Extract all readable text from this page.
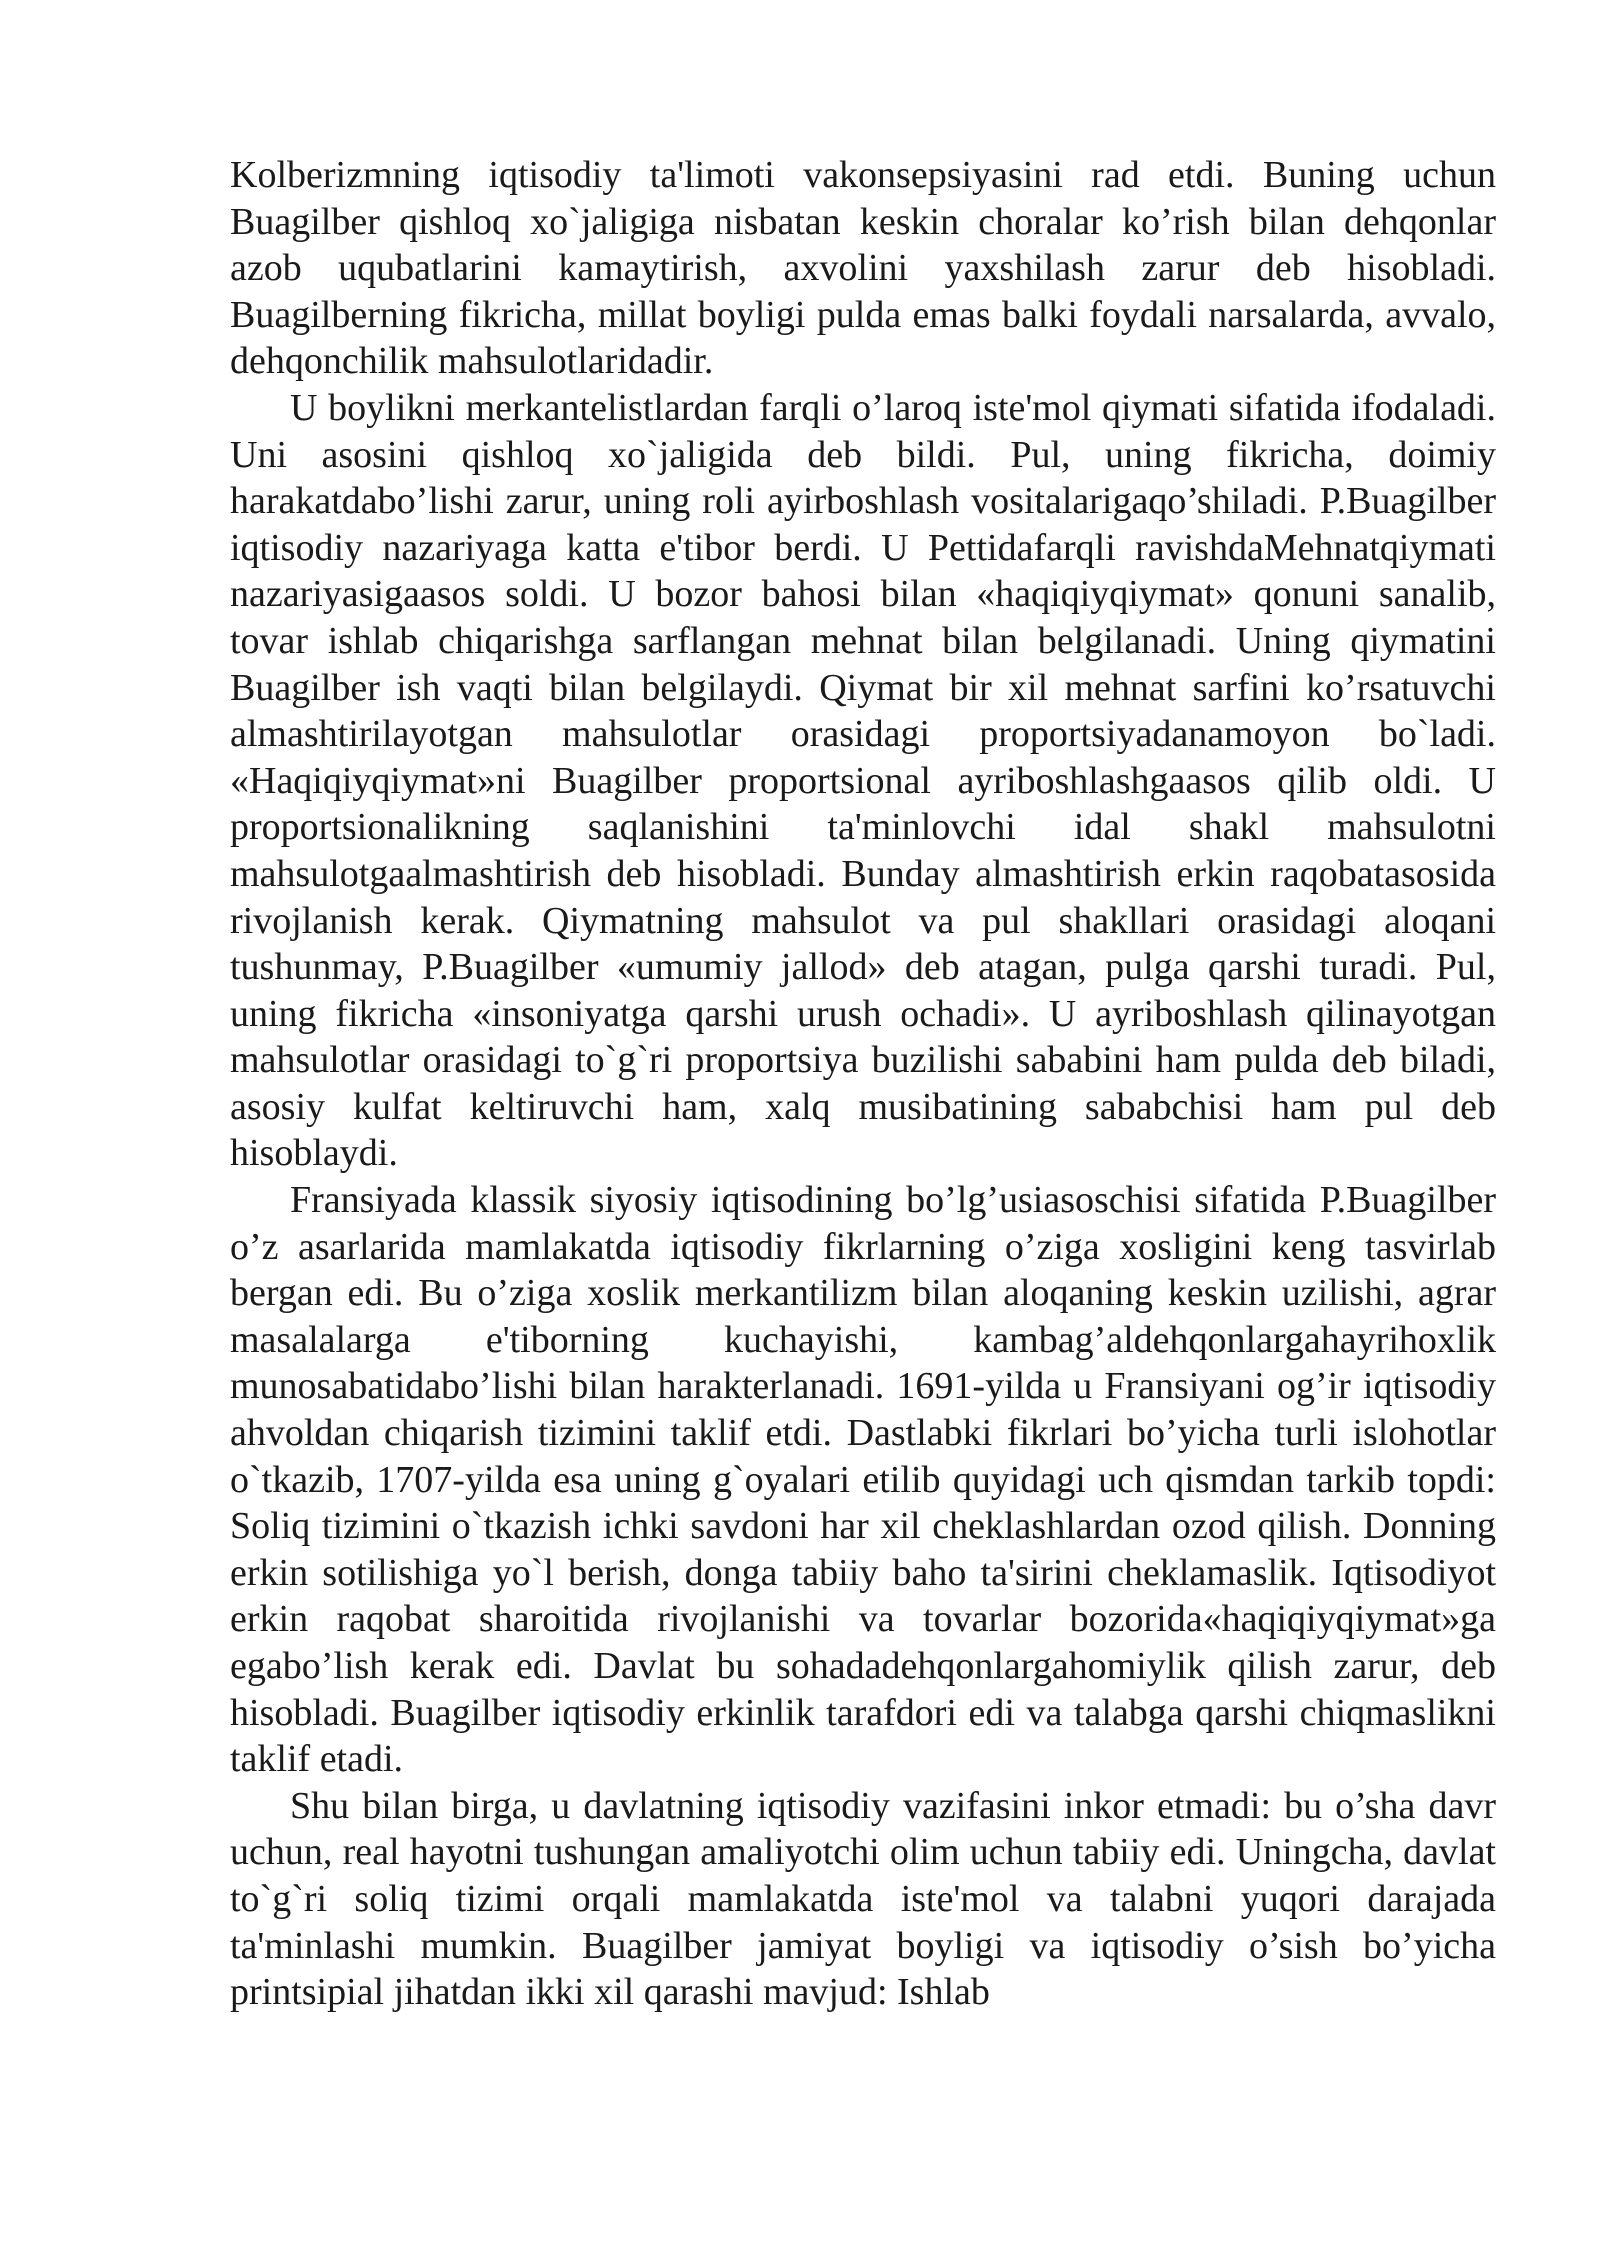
Kolberizmning iqtisodiy ta'limoti vakonsepsiyasini rad etdi. Buning uchun Buagilber qishloq xo`jaligiga nisbatan keskin choralar ko’rish bilan dehqonlar azob uqubatlarini kamaytirish, axvolini yaxshilash zarur deb hisobladi. Buagilberning fikricha, millat boyligi pulda emas balki foydali narsalarda, avvalo, dehqonchilik mahsulotlaridadir.

U boylikni merkantelistlardan farqli o’laroq iste'mol qiymati sifatida ifodaladi. Uni asosini qishloq xo`jaligida deb bildi. Pul, uning fikricha, doimiy harakatdabo’lishi zarur, uning roli ayirboshlash vositalarigaqo’shiladi. P.Buagilber iqtisodiy nazariyaga katta e'tibor berdi. U Pettidafarqli ravishdaMehnatqiymati nazariyasigaasos soldi. U bozor bahosi bilan «haqiqiyqiymat» qonuni sanalib, tovar ishlab chiqarishga sarflangan mehnat bilan belgilanadi. Uning qiymatini Buagilber ish vaqti bilan belgilaydi. Qiymat bir xil mehnat sarfini ko’rsatuvchi almashtirilayotgan mahsulotlar orasidagi proportsiyadanamoyon bo`ladi. «Haqiqiyqiymat»ni Buagilber proportsional ayriboshlashgaasos qilib oldi. U proportsionalikning saqlanishini ta'minlovchi idal shakl mahsulotni mahsulotgaalmashtirish deb hisobladi. Bunday almashtirish erkin raqobatasosida rivojlanish kerak. Qiymatning mahsulot va pul shakllari orasidagi aloqani tushunmay, P.Buagilber «umumiy jallod» deb atagan, pulga qarshi turadi. Pul, uning fikricha «insoniyatga qarshi urush ochadi». U ayriboshlash qilinayotgan mahsulotlar orasidagi to`g`ri proportsiya buzilishi sababini ham pulda deb biladi, asosiy kulfat keltiruvchi ham, xalq musibatining sababchisi ham pul deb hisoblaydi.

Fransiyada klassik siyosiy iqtisodining bo’lg’usiasoschisi sifatida P.Buagilber o’z asarlarida mamlakatda iqtisodiy fikrlarning o’ziga xosligini keng tasvirlab bergan edi. Bu o’ziga xoslik merkantilizm bilan aloqaning keskin uzilishi, agrar masalalarga e'tiborning kuchayishi, kambag’aldehqonlargahayrihoxlik munosabatidabo’lishi bilan harakterlanadi. 1691-yilda u Fransiyani og’ir iqtisodiy ahvoldan chiqarish tizimini taklif etdi. Dastlabki fikrlari bo’yicha turli islohotlar o`tkazib, 1707-yilda esa uning g`oyalari etilib quyidagi uch qismdan tarkib topdi: Soliq tizimini o`tkazish ichki savdoni har xil cheklashlardan ozod qilish. Donning erkin sotilishiga yo`l berish, donga tabiiy baho ta'sirini cheklamaslik. Iqtisodiyot erkin raqobat sharoitida rivojlanishi va tovarlar bozorida«haqiqiyqiymat»ga egabo’lish kerak edi. Davlat bu sohadadehqonlargahomiylik qilish zarur, deb hisobladi. Buagilber iqtisodiy erkinlik tarafdori edi va talabga qarshi chiqmaslikni taklif etadi.

Shu bilan birga, u davlatning iqtisodiy vazifasini inkor etmadi: bu o’sha davr uchun, real hayotni tushungan amaliyotchi olim uchun tabiiy edi. Uningcha, davlat to`g`ri soliq tizimi orqali mamlakatda iste'mol va talabni yuqori darajada ta'minlashi mumkin. Buagilber jamiyat boyligi va iqtisodiy o’sish bo’yicha printsipial jihatdan ikki xil qarashi mavjud: Ishlab
